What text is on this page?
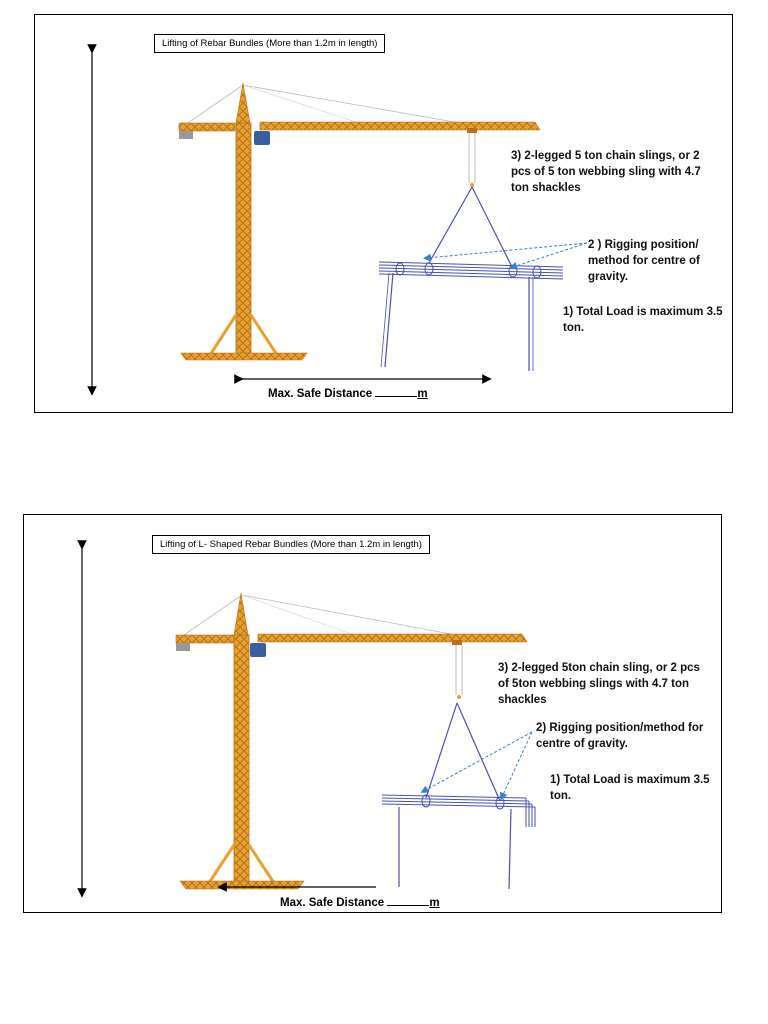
Lifting of Rebar Bundles (More than 1.2m in length)
3) 2-legged 5 ton chain slings, or 2 pcs of 5 ton webbing sling with 4.7 ton shackles
2 ) Rigging position/ method for centre of gravity.
1) Total Load is maximum 3.5 ton.
Max. Safe Distance	m
Lifting of L- Shaped Rebar Bundles (More than 1.2m in length)
3) 2-legged 5ton chain sling, or 2 pcs of 5ton webbing slings with 4.7 ton shackles
2) Rigging position/method for centre of gravity.
1) Total Load is maximum 3.5 ton.
Max. Safe Distance	m
